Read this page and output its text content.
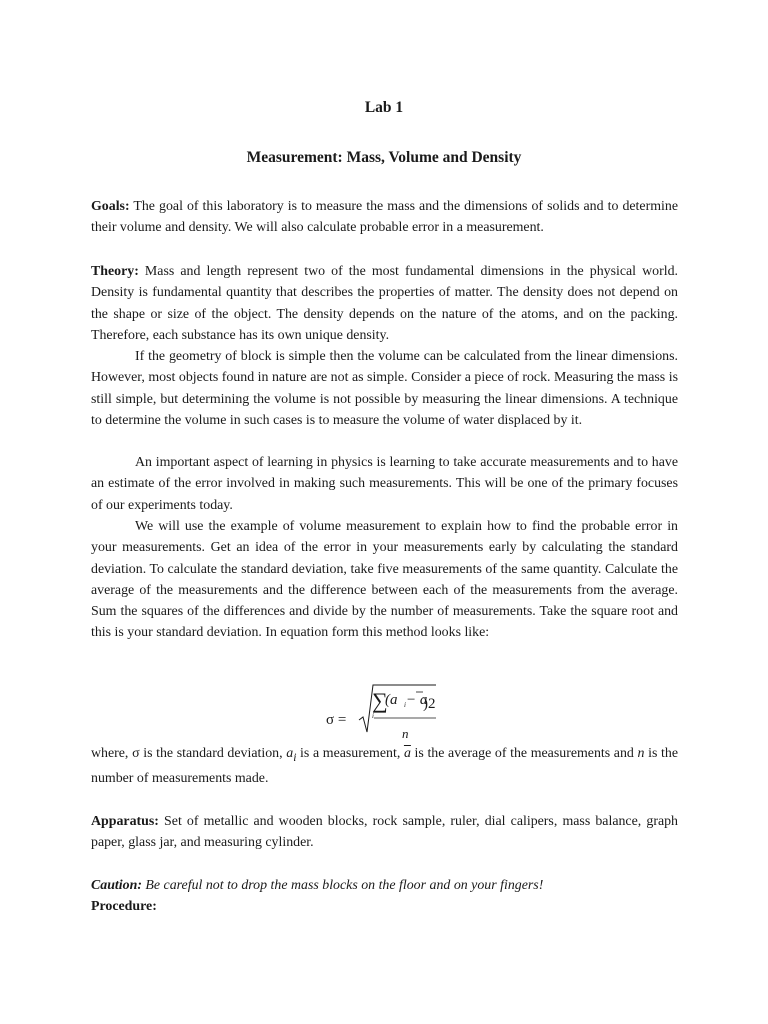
Lab 1
Measurement: Mass, Volume and Density

Goals: The goal of this laboratory is to measure the mass and the dimensions of solids and to determine their volume and density. We will also calculate probable error in a measurement.

Theory: Mass and length represent two of the most fundamental dimensions in the physical world. Density is fundamental quantity that describes the properties of matter. The density does not depend on the shape or size of the object. The density depends on the nature of the atoms, and on the packing. Therefore, each substance has its own unique density.

If the geometry of block is simple then the volume can be calculated from the linear dimensions. However, most objects found in nature are not as simple. Consider a piece of rock. Measuring the mass is still simple, but determining the volume is not possible by measuring the linear dimensions. A technique to determine the volume in such cases is to measure the volume of water displaced by it.

An important aspect of learning in physics is learning to take accurate measurements and to have an estimate of the error involved in making such measurements. This will be one of the primary focuses of our experiments today.

We will use the example of volume measurement to explain how to find the probable error in your measurements. Get an idea of the error in your measurements early by calculating the standard deviation. To calculate the standard deviation, take five measurements of the same quantity. Calculate the average of the measurements and the difference between each of the measurements from the average. Sum the squares of the differences and divide by the number of measurements. Take the square root and this is your standard deviation. In equation form this method looks like:

σ =
∑
i
(a i − a
)2
n

where, σ is the standard deviation, $a_i$ is a measurement, $\overline{a}$ is the average of the measurements and n is the number of measurements made.

Apparatus: Set of metallic and wooden blocks, rock sample, ruler, dial calipers, mass balance, graph paper, glass jar, and measuring cylinder.

Caution: Be careful not to drop the mass blocks on the floor and on your fingers!

Procedure:
